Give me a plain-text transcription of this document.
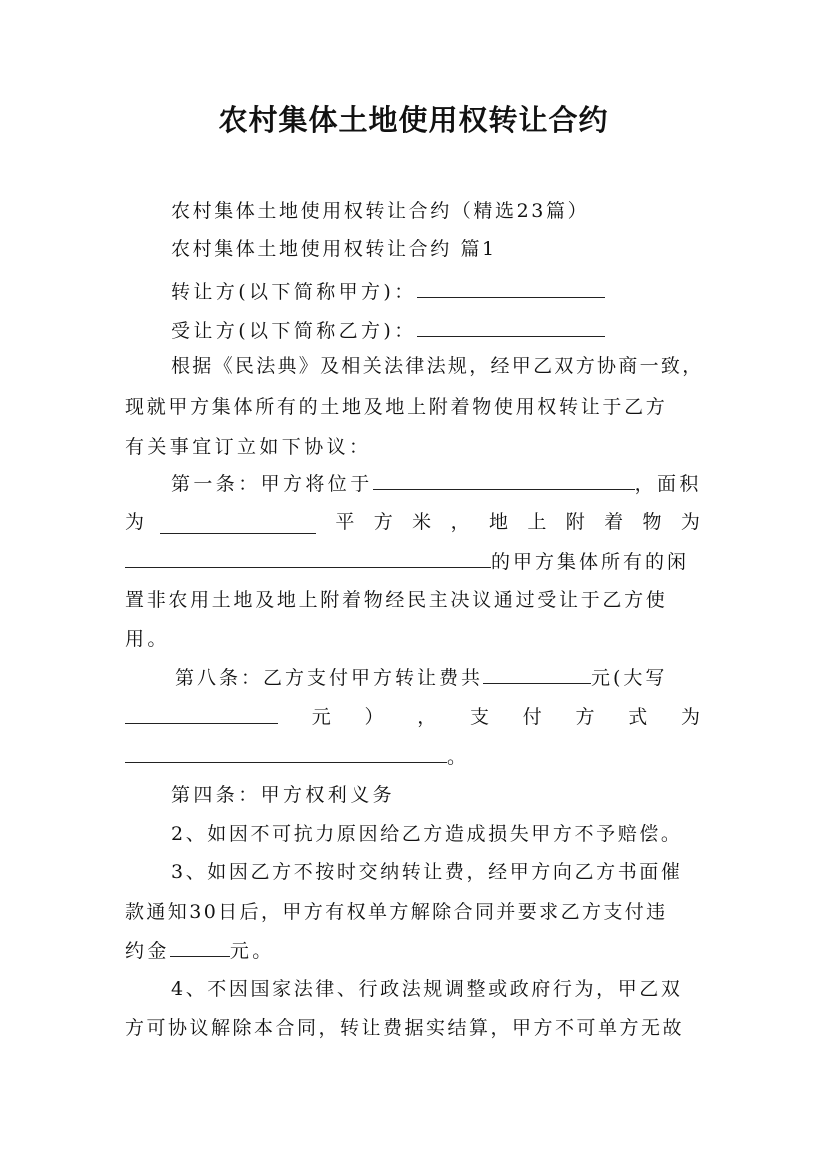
农村集体土地使用权转让合约
农村集体土地使用权转让合约（精选23篇）
农村集体土地使用权转让合约 篇1
转让方(以下简称甲方)：
受让方(以下简称乙方)：
根据《民法典》及相关法律法规，经甲乙双方协商一致，
现就甲方集体所有的土地及地上附着物使用权转让于乙方
有关事宜订立如下协议：
第一条：甲方将位于	，面积
为	平 方 米 ， 地 上 附 着 物 为
的甲方集体所有的闲
置非农用土地及地上附着物经民主决议通过受让于乙方使
用。
第八条：乙方支付甲方转让费共	元(大写
元 ） ， 支 付 方 式 为
。
第四条：甲方权利义务
2、如因不可抗力原因给乙方造成损失甲方不予赔偿。
3、如因乙方不按时交纳转让费，经甲方向乙方书面催
款通知30日后，甲方有权单方解除合同并要求乙方支付违
约金	元。
4、不因国家法律、行政法规调整或政府行为，甲乙双
方可协议解除本合同，转让费据实结算，甲方不可单方无故
